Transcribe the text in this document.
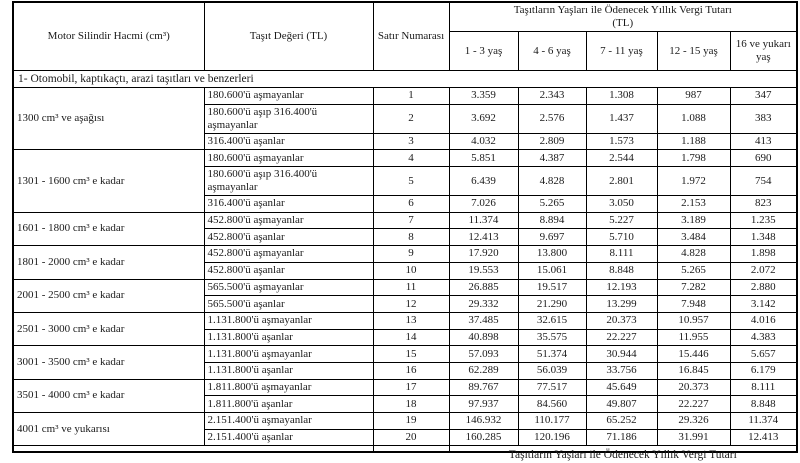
Motor Silindir Hacmi (cm³)	Taşıt Değeri (TL)	Satır Numarası	Taşıtların Yaşları ile Ödenecek Yıllık Vergi Tutarı
(TL)				

			1 - 3 yaş	4 - 6 yaş	7 - 11 yaş	12 - 15 yaş	16 ve yukarı yaş
1- Otomobil, kaptıkaçtı, arazi taşıtları ve benzerleri							
1300 cm³ ve aşağısı	180.600'ü aşmayanlar	1	3.359	2.343	1.308	987	347
	180.600'ü aşıp 316.400'ü aşmayanlar	2	3.692	2.576	1.437	1.088	383
	316.400'ü aşanlar	3	4.032	2.809	1.573	1.188	413
1301 - 1600 cm³ e kadar	180.600'ü aşmayanlar	4	5.851	4.387	2.544	1.798	690
	180.600'ü aşıp 316.400'ü aşmayanlar	5	6.439	4.828	2.801	1.972	754
	316.400'ü aşanlar	6	7.026	5.265	3.050	2.153	823
1601 - 1800 cm³ e kadar	452.800'ü aşmayanlar	7	11.374	8.894	5.227	3.189	1.235
	452.800'ü aşanlar	8	12.413	9.697	5.710	3.484	1.348
1801 - 2000 cm³ e kadar	452.800'ü aşmayanlar	9	17.920	13.800	8.111	4.828	1.898
	452.800'ü aşanlar	10	19.553	15.061	8.848	5.265	2.072
2001 - 2500 cm³ e kadar	565.500'ü aşmayanlar	11	26.885	19.517	12.193	7.282	2.880
	565.500'ü aşanlar	12	29.332	21.290	13.299	7.948	3.142
2501 - 3000 cm³ e kadar	1.131.800'ü aşmayanlar	13	37.485	32.615	20.373	10.957	4.016
	1.131.800'ü aşanlar	14	40.898	35.575	22.227	11.955	4.383
3001 - 3500 cm³ e kadar	1.131.800'ü aşmayanlar	15	57.093	51.374	30.944	15.446	5.657
	1.131.800'ü aşanlar	16	62.289	56.039	33.756	16.845	6.179
3501 - 4000 cm³ e kadar	1.811.800'ü aşmayanlar	17	89.767	77.517	45.649	20.373	8.111
	1.811.800'ü aşanlar	18	97.937	84.560	49.807	22.227	8.848
4001 cm³ ve yukarısı	2.151.400'ü aşmayanlar	19	146.932	110.177	65.252	29.326	11.374
	2.151.400'ü aşanlar	20	160.285	120.196	71.186	31.991	12.413

			Taşıtların Yaşları ile Ödenecek Yıllık Vergi Tutarı				
